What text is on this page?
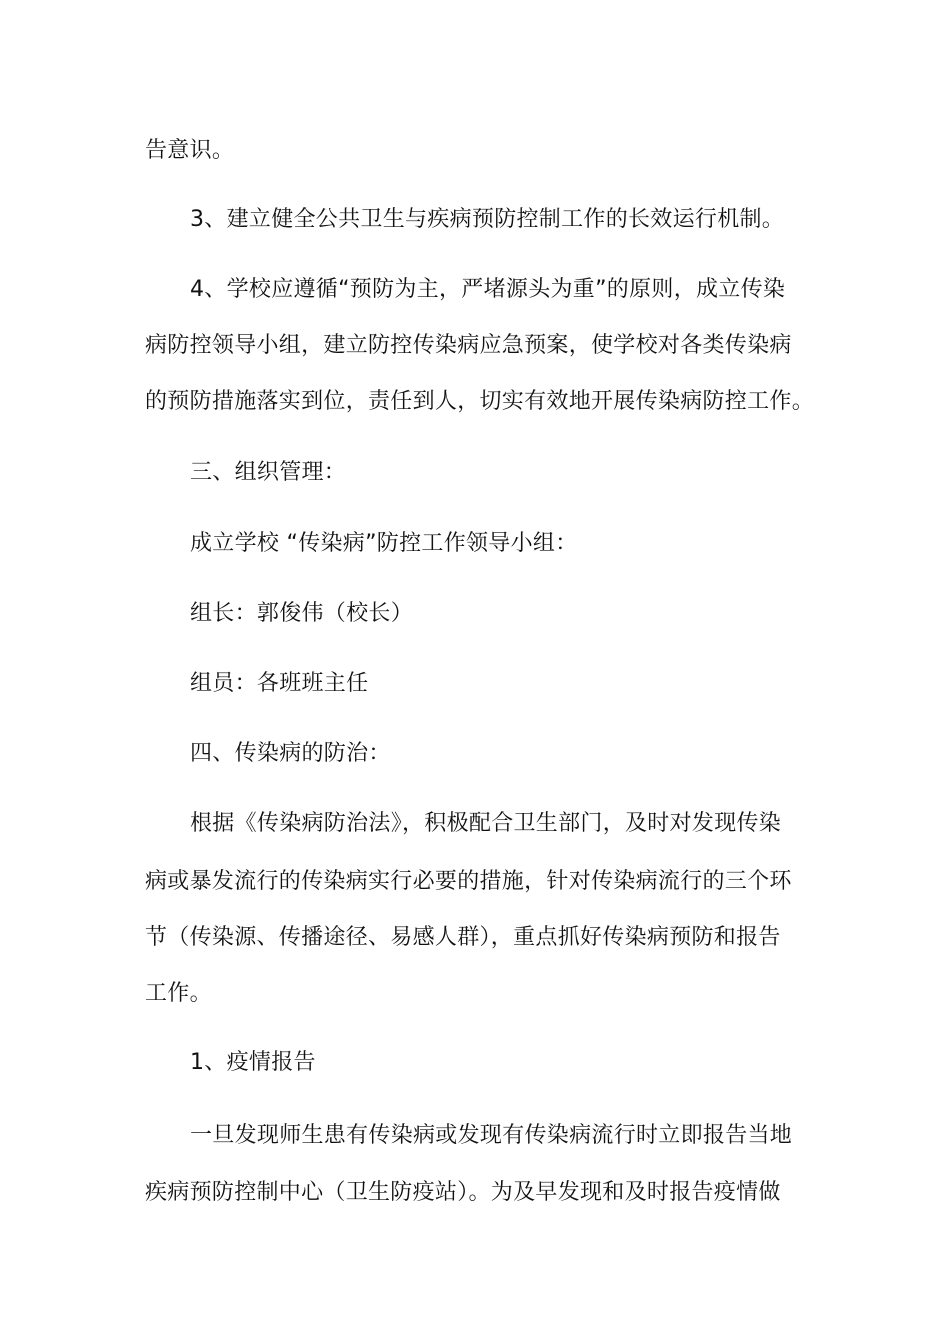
告意识。
3、建立健全公共卫生与疾病预防控制工作的长效运行机制。
4、学校应遵循“预防为主，严堵源头为重”的原则，成立传染
病防控领导小组，建立防控传染病应急预案，使学校对各类传染病
的预防措施落实到位，责任到人，切实有效地开展传染病防控工作。
三、组织管理：
成立学校 “传染病”防控工作领导小组：
组长：郭俊伟（校长）
组员：各班班主任
四、传染病的防治：
根据《传染病防治法》，积极配合卫生部门，及时对发现传染
病或暴发流行的传染病实行必要的措施，针对传染病流行的三个环
节（传染源、传播途径、易感人群），重点抓好传染病预防和报告
工作。
1、疫情报告
一旦发现师生患有传染病或发现有传染病流行时立即报告当地
疾病预防控制中心（卫生防疫站）。为及早发现和及时报告疫情做
